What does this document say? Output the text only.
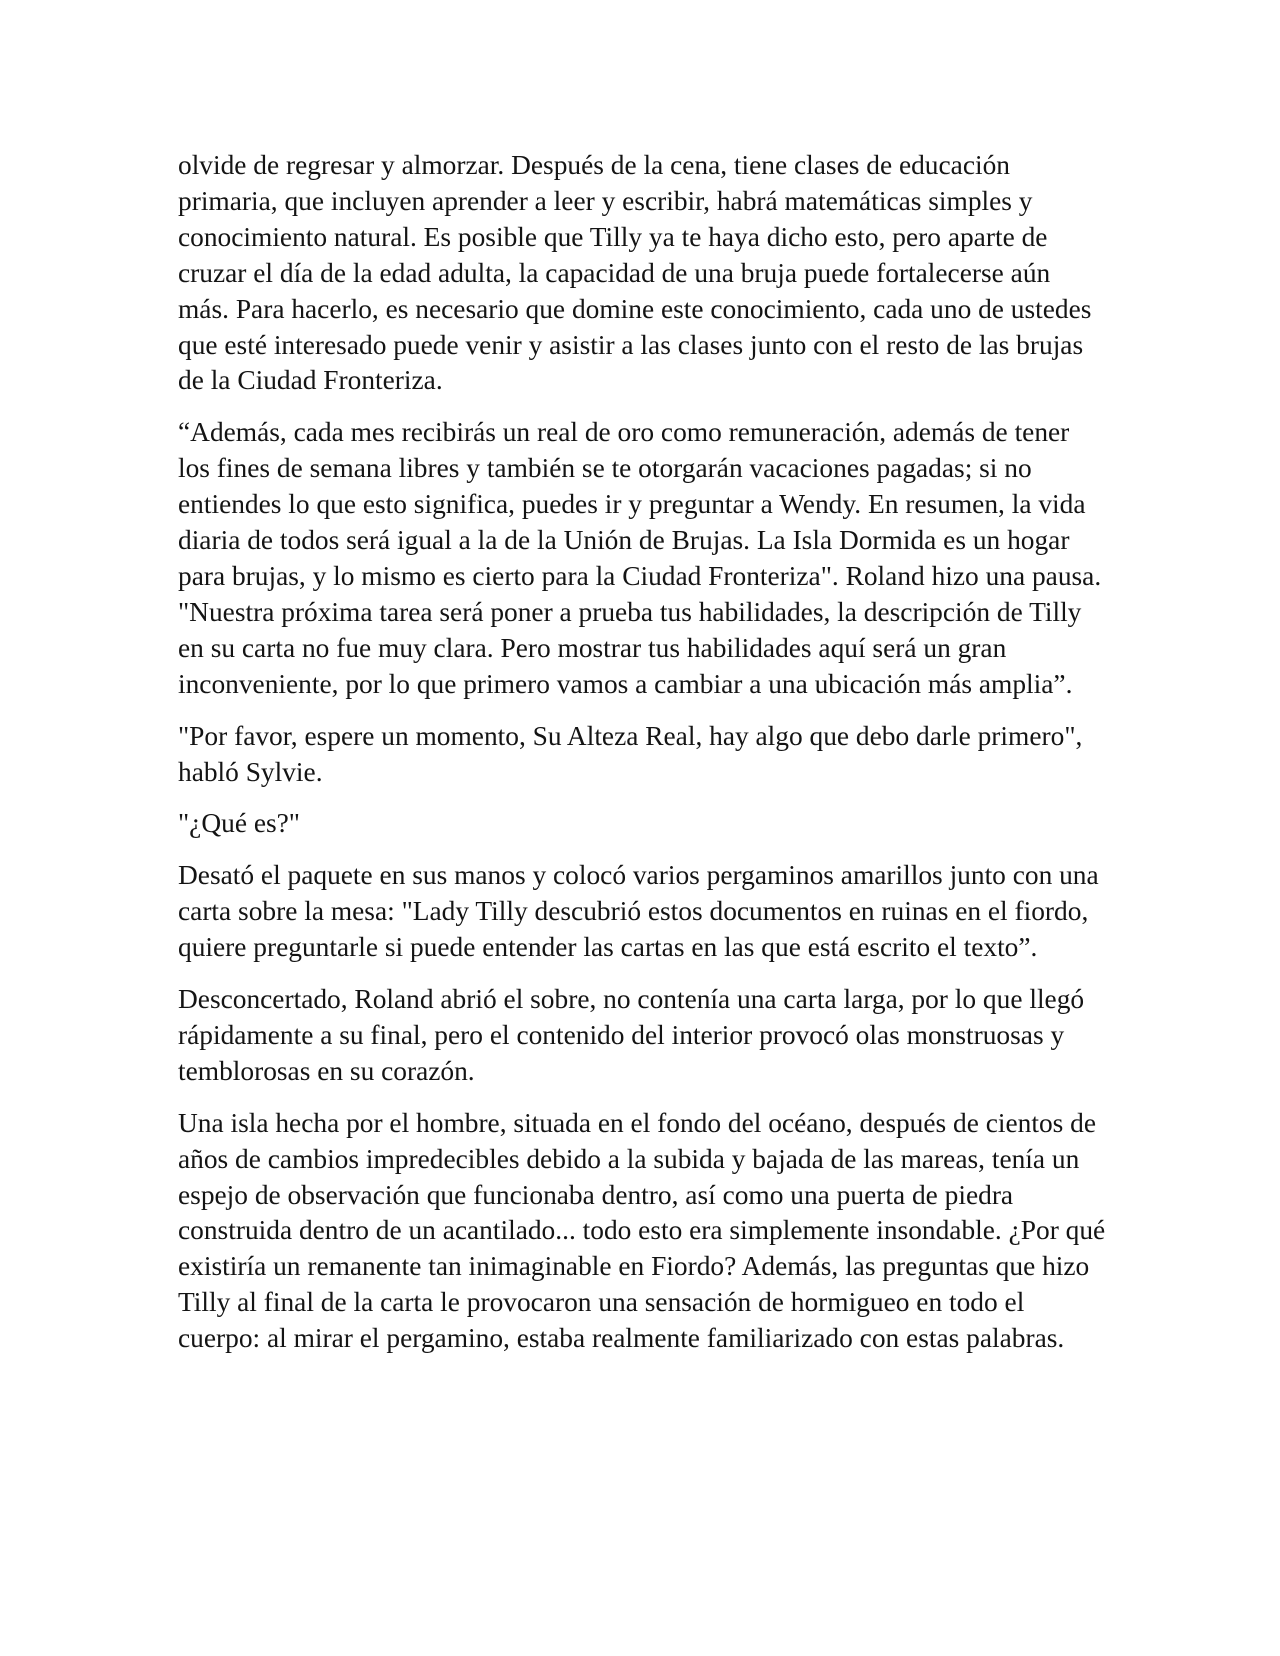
olvide de regresar y almorzar. Después de la cena, tiene clases de educación primaria, que incluyen aprender a leer y escribir, habrá matemáticas simples y conocimiento natural. Es posible que Tilly ya te haya dicho esto, pero aparte de cruzar el día de la edad adulta, la capacidad de una bruja puede fortalecerse aún más. Para hacerlo, es necesario que domine este conocimiento, cada uno de ustedes que esté interesado puede venir y asistir a las clases junto con el resto de las brujas de la Ciudad Fronteriza.

“Además, cada mes recibirás un real de oro como remuneración, además de tener los fines de semana libres y también se te otorgarán vacaciones pagadas; si no entiendes lo que esto significa, puedes ir y preguntar a Wendy. En resumen, la vida diaria de todos será igual a la de la Unión de Brujas. La Isla Dormida es un hogar para brujas, y lo mismo es cierto para la Ciudad Fronteriza". Roland hizo una pausa. "Nuestra próxima tarea será poner a prueba tus habilidades, la descripción de Tilly en su carta no fue muy clara. Pero mostrar tus habilidades aquí será un gran inconveniente, por lo que primero vamos a cambiar a una ubicación más amplia”.

"Por favor, espere un momento, Su Alteza Real, hay algo que debo darle primero", habló Sylvie.

"¿Qué es?"

Desató el paquete en sus manos y colocó varios pergaminos amarillos junto con una carta sobre la mesa: "Lady Tilly descubrió estos documentos en ruinas en el fiordo, quiere preguntarle si puede entender las cartas en las que está escrito el texto”.

Desconcertado, Roland abrió el sobre, no contenía una carta larga, por lo que llegó rápidamente a su final, pero el contenido del interior provocó olas monstruosas y temblorosas en su corazón.

Una isla hecha por el hombre, situada en el fondo del océano, después de cientos de años de cambios impredecibles debido a la subida y bajada de las mareas, tenía un espejo de observación que funcionaba dentro, así como una puerta de piedra construida dentro de un acantilado... todo esto era simplemente insondable. ¿Por qué existiría un remanente tan inimaginable en Fiordo? Además, las preguntas que hizo Tilly al final de la carta le provocaron una sensación de hormigueo en todo el cuerpo: al mirar el pergamino, estaba realmente familiarizado con estas palabras.
